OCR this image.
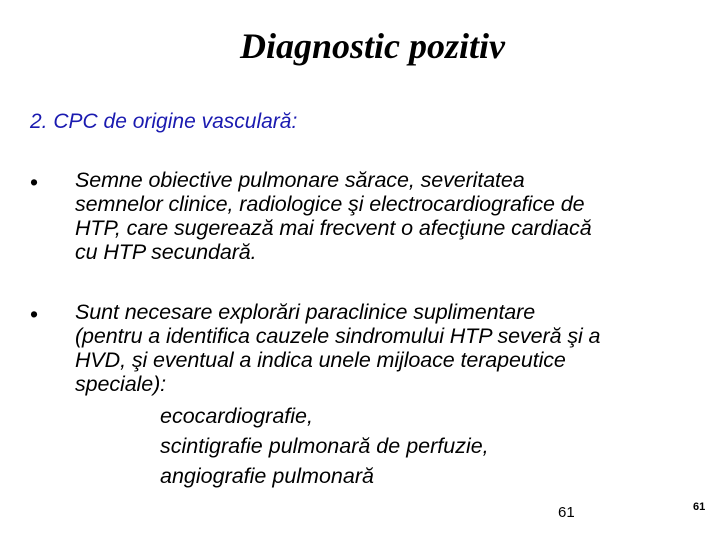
Diagnostic pozitiv
2. CPC de origine vasculară:
• Semne obiective pulmonare sărace, severitatea
semnelor clinice, radiologice şi electrocardiografice de
HTP, care sugerează mai frecvent o afecţiune cardiacă
cu HTP secundară.
• Sunt necesare explorări paraclinice suplimentare
(pentru a identifica cauzele sindromului HTP severă şi a
HVD, şi eventual a indica unele mijloace terapeutice
speciale):
ecocardiografie,
scintigrafie pulmonară de perfuzie,
angiografie pulmonară
61	61
